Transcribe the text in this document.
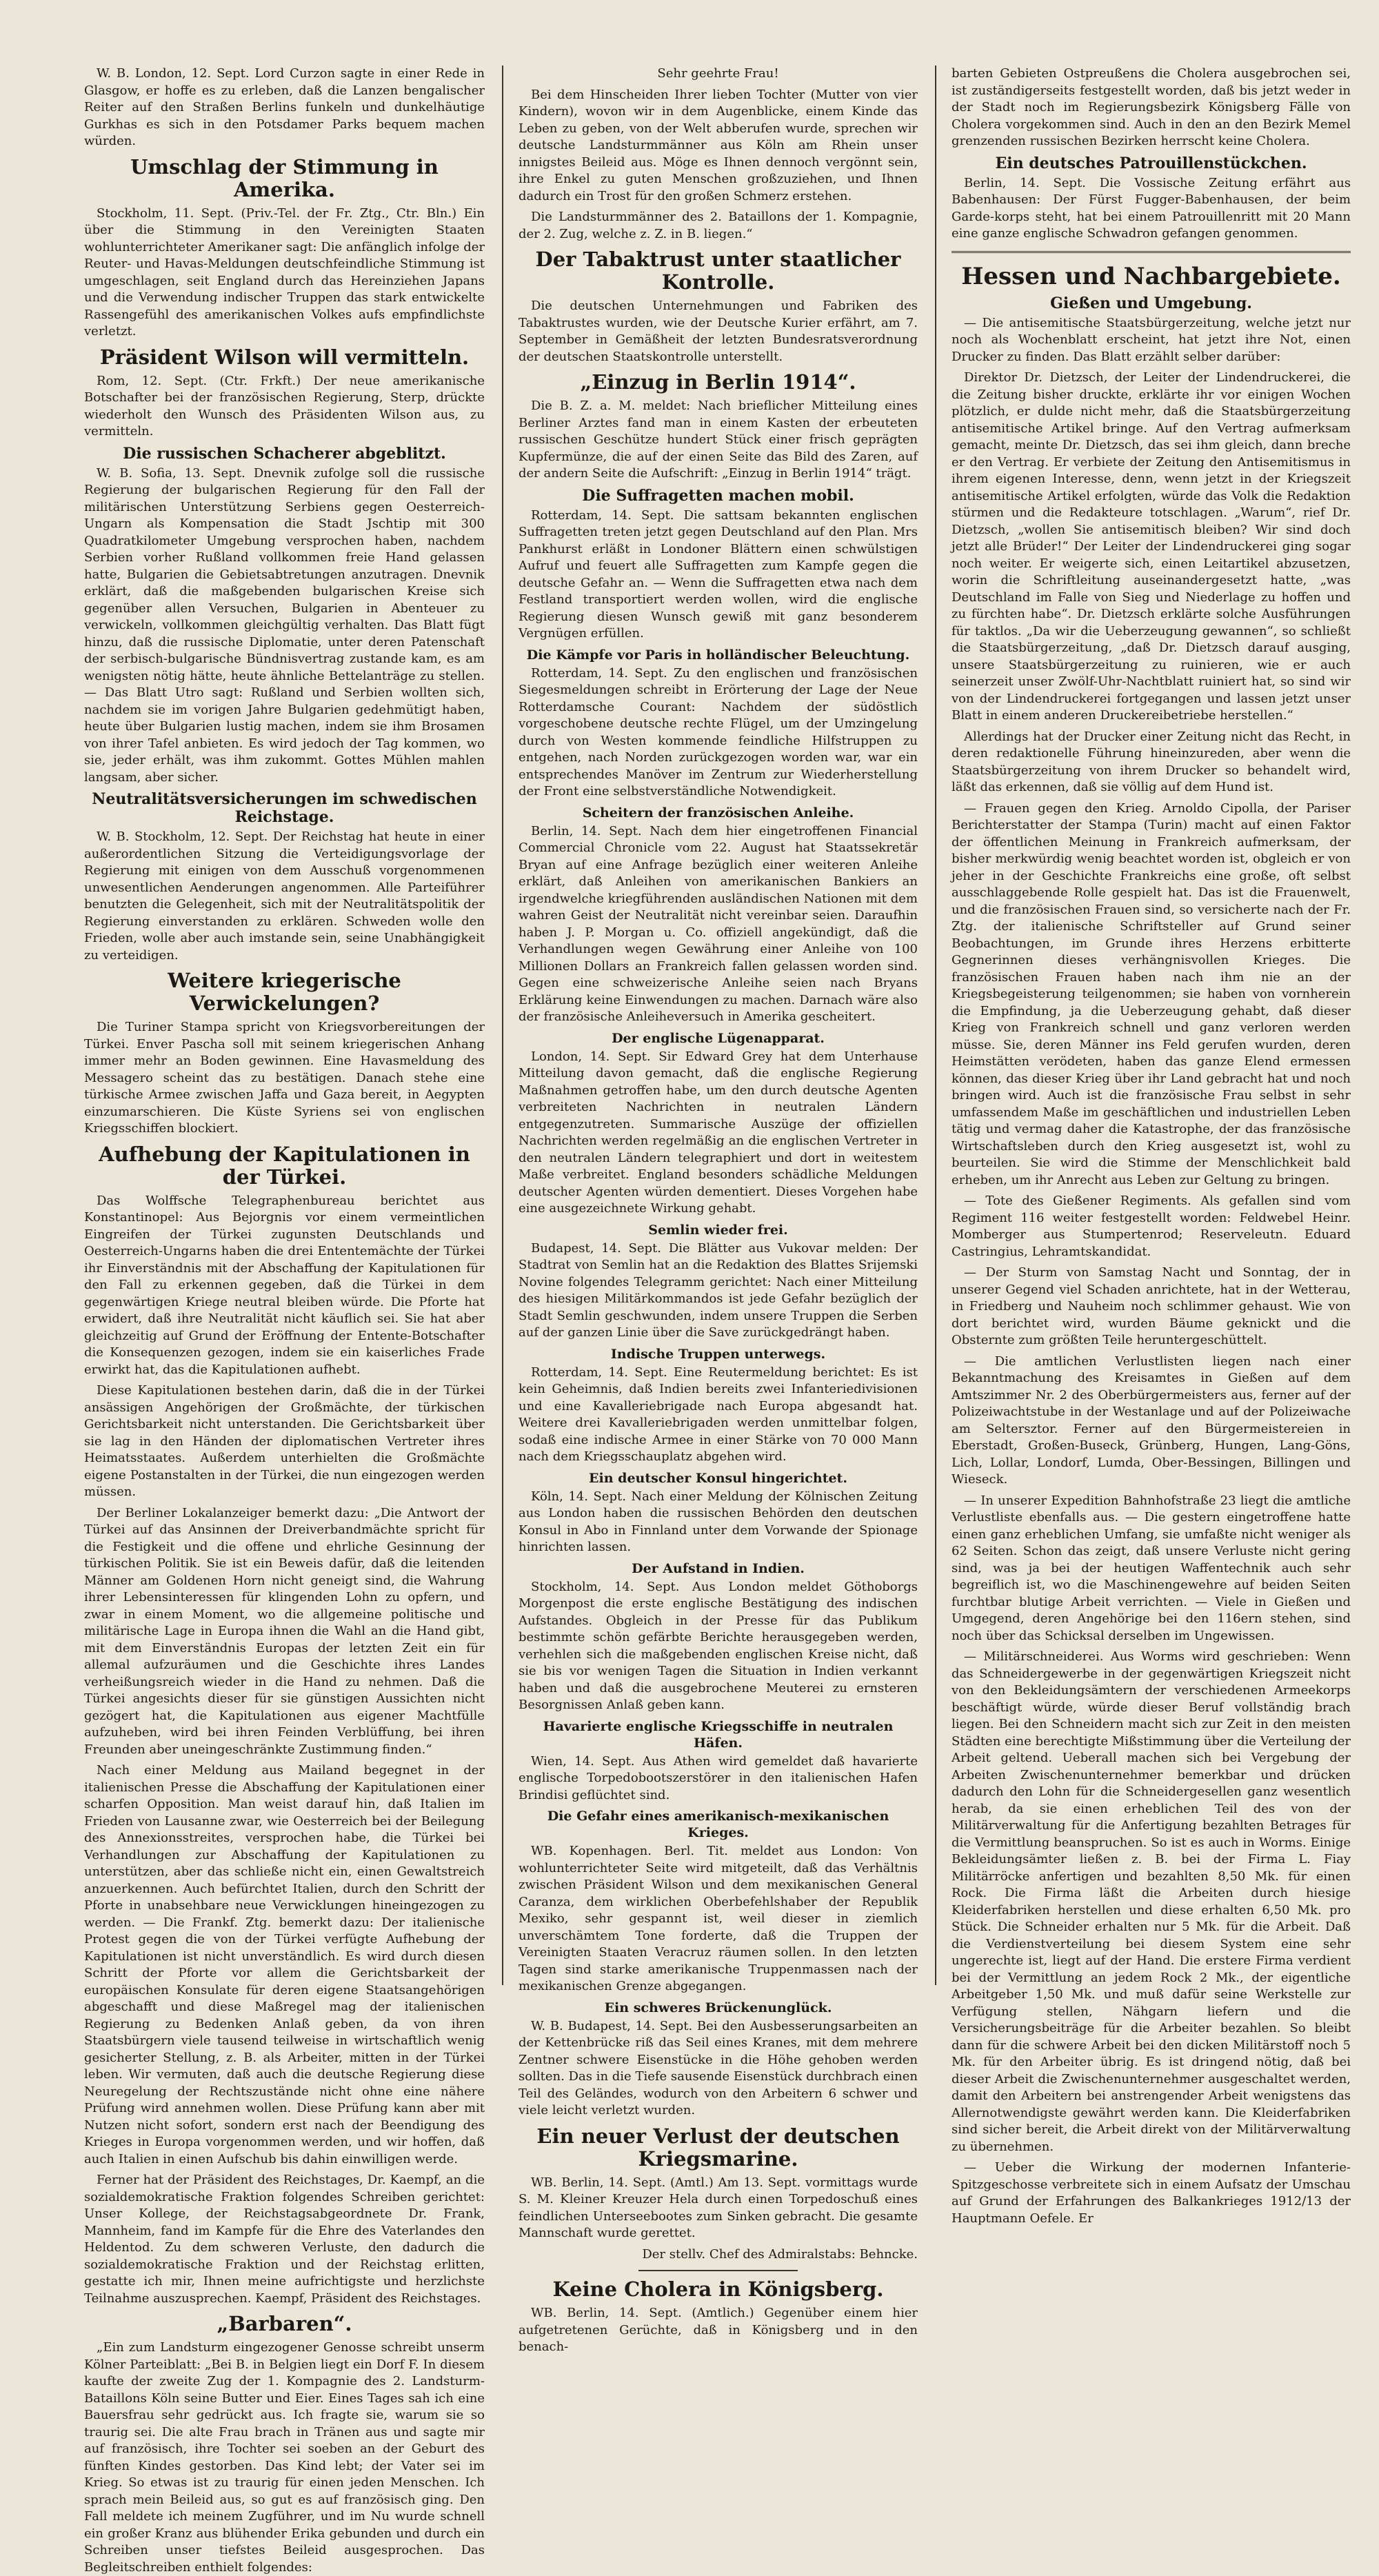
W. B. London, 12. Sept. Lord Curzon sagte in einer Rede in Glasgow, er hoffe es zu erleben, daß die Lanzen bengalischer Reiter auf den Straßen Berlins funkeln und dunkelhäutige Gurkhas es sich in den Potsdamer Parks bequem machen würden.

Umschlag der Stimmung in Amerika.

Stockholm, 11. Sept. (Priv.-Tel. der Fr. Ztg., Ctr. Bln.) Ein über die Stimmung in den Vereinigten Staaten wohlunterrichteter Amerikaner sagt: Die anfänglich infolge der Reuter- und Havas-Meldungen deutschfeindliche Stimmung ist umgeschlagen, seit England durch das Hereinziehen Japans und die Verwendung indischer Truppen das stark entwickelte Rassengefühl des amerikanischen Volkes aufs empfindlichste verletzt.

Präsident Wilson will vermitteln.

Rom, 12. Sept. (Ctr. Frkft.) Der neue amerikanische Botschafter bei der französischen Regierung, Sterp, drückte wiederholt den Wunsch des Präsidenten Wilson aus, zu vermitteln.

Die russischen Schacherer abgeblitzt.

W. B. Sofia, 13. Sept. Dnevnik zufolge soll die russische Regierung der bulgarischen Regierung für den Fall der militärischen Unterstützung Serbiens gegen Oesterreich-Ungarn als Kompensation die Stadt Jschtip mit 300 Quadratkilometer Umgebung versprochen haben, nachdem Serbien vorher Rußland vollkommen freie Hand gelassen hatte, Bulgarien die Gebietsabtretungen anzutragen. Dnevnik erklärt, daß die maßgebenden bulgarischen Kreise sich gegenüber allen Versuchen, Bulgarien in Abenteuer zu verwickeln, vollkommen gleichgültig verhalten. Das Blatt fügt hinzu, daß die russische Diplomatie, unter deren Patenschaft der serbisch-bulgarische Bündnisvertrag zustande kam, es am wenigsten nötig hätte, heute ähnliche Bettelanträge zu stellen. — Das Blatt Utro sagt: Rußland und Serbien wollten sich, nachdem sie im vorigen Jahre Bulgarien gedehmütigt haben, heute über Bulgarien lustig machen, indem sie ihm Brosamen von ihrer Tafel anbieten. Es wird jedoch der Tag kommen, wo sie, jeder erhält, was ihm zukommt. Gottes Mühlen mahlen langsam, aber sicher.

Neutralitätsversicherungen im schwedischen Reichstage.

W. B. Stockholm, 12. Sept. Der Reichstag hat heute in einer außerordentlichen Sitzung die Verteidigungsvorlage der Regierung mit einigen von dem Ausschuß vorgenommenen unwesentlichen Aenderungen angenommen. Alle Parteiführer benutzten die Gelegenheit, sich mit der Neutralitätspolitik der Regierung einverstanden zu erklären. Schweden wolle den Frieden, wolle aber auch imstande sein, seine Unabhängigkeit zu verteidigen.

Weitere kriegerische Verwickelungen?

Die Turiner Stampa spricht von Kriegsvorbereitungen der Türkei. Enver Pascha soll mit seinem kriegerischen Anhang immer mehr an Boden gewinnen. Eine Havasmeldung des Messagero scheint das zu bestätigen. Danach stehe eine türkische Armee zwischen Jaffa und Gaza bereit, in Aegypten einzumarschieren. Die Küste Syriens sei von englischen Kriegsschiffen blockiert.

Aufhebung der Kapitulationen in der Türkei.

Das Wolffsche Telegraphenbureau berichtet aus Konstantinopel: Aus Bejorgnis vor einem vermeintlichen Eingreifen der Türkei zugunsten Deutschlands und Oesterreich-Ungarns haben die drei Ententemächte der Türkei ihr Einverständnis mit der Abschaffung der Kapitulationen für den Fall zu erkennen gegeben, daß die Türkei in dem gegenwärtigen Kriege neutral bleiben würde. Die Pforte hat erwidert, daß ihre Neutralität nicht käuflich sei. Sie hat aber gleichzeitig auf Grund der Eröffnung der Entente-Botschafter die Konsequenzen gezogen, indem sie ein kaiserliches Frade erwirkt hat, das die Kapitulationen aufhebt.

Diese Kapitulationen bestehen darin, daß die in der Türkei ansässigen Angehörigen der Großmächte, der türkischen Gerichtsbarkeit nicht unterstanden. Die Gerichtsbarkeit über sie lag in den Händen der diplomatischen Vertreter ihres Heimatsstaates. Außerdem unterhielten die Großmächte eigene Postanstalten in der Türkei, die nun eingezogen werden müssen.

Der Berliner Lokalanzeiger bemerkt dazu: „Die Antwort der Türkei auf das Ansinnen der Dreiverbandmächte spricht für die Festigkeit und die offene und ehrliche Gesinnung der türkischen Politik. Sie ist ein Beweis dafür, daß die leitenden Männer am Goldenen Horn nicht geneigt sind, die Wahrung ihrer Lebensinteressen für klingenden Lohn zu opfern, und zwar in einem Moment, wo die allgemeine politische und militärische Lage in Europa ihnen die Wahl an die Hand gibt, mit dem Einverständnis Europas der letzten Zeit ein für allemal aufzuräumen und die Geschichte ihres Landes verheißungsreich wieder in die Hand zu nehmen. Daß die Türkei angesichts dieser für sie günstigen Aussichten nicht gezögert hat, die Kapitulationen aus eigener Machtfülle aufzuheben, wird bei ihren Feinden Verblüffung, bei ihren Freunden aber uneingeschränkte Zustimmung finden.“

Nach einer Meldung aus Mailand begegnet in der italienischen Presse die Abschaffung der Kapitulationen einer scharfen Opposition. Man weist darauf hin, daß Italien im Frieden von Lausanne zwar, wie Oesterreich bei der Beilegung des Annexionsstreites, versprochen habe, die Türkei bei Verhandlungen zur Abschaffung der Kapitulationen zu unterstützen, aber das schließe nicht ein, einen Gewaltstreich anzuerkennen. Auch befürchtet Italien, durch den Schritt der Pforte in unabsehbare neue Verwicklungen hineingezogen zu werden. — Die Frankf. Ztg. bemerkt dazu: Der italienische Protest gegen die von der Türkei verfügte Aufhebung der Kapitulationen ist nicht unverständlich. Es wird durch diesen Schritt der Pforte vor allem die Gerichtsbarkeit der europäischen Konsulate für deren eigene Staatsangehörigen abgeschafft und diese Maßregel mag der italienischen Regierung zu Bedenken Anlaß geben, da von ihren Staatsbürgern viele tausend teilweise in wirtschaftlich wenig gesicherter Stellung, z. B. als Arbeiter, mitten in der Türkei leben. Wir vermuten, daß auch die deutsche Regierung diese Neuregelung der Rechtszustände nicht ohne eine nähere Prüfung wird annehmen wollen. Diese Prüfung kann aber mit Nutzen nicht sofort, sondern erst nach der Beendigung des Krieges in Europa vorgenommen werden, und wir hoffen, daß auch Italien in einen Aufschub bis dahin einwilligen werde.

Ferner hat der Präsident des Reichstages, Dr. Kaempf, an die sozialdemokratische Fraktion folgendes Schreiben gerichtet: Unser Kollege, der Reichstagsabgeordnete Dr. Frank, Mannheim, fand im Kampfe für die Ehre des Vaterlandes den Heldentod. Zu dem schweren Verluste, den dadurch die sozialdemokratische Fraktion und der Reichstag erlitten, gestatte ich mir, Ihnen meine aufrichtigste und herzlichste Teilnahme auszusprechen. Kaempf, Präsident des Reichstages.

„Barbaren“.

„Ein zum Landsturm eingezogener Genosse schreibt unserm Kölner Parteiblatt: „Bei B. in Belgien liegt ein Dorf F. In diesem kaufte der zweite Zug der 1. Kompagnie des 2. Landsturm-Bataillons Köln seine Butter und Eier. Eines Tages sah ich eine Bauersfrau sehr gedrückt aus. Ich fragte sie, warum sie so traurig sei. Die alte Frau brach in Tränen aus und sagte mir auf französisch, ihre Tochter sei soeben an der Geburt des fünften Kindes gestorben. Das Kind lebt; der Vater sei im Krieg. So etwas ist zu traurig für einen jeden Menschen. Ich sprach mein Beileid aus, so gut es auf französisch ging. Den Fall meldete ich meinem Zugführer, und im Nu wurde schnell ein großer Kranz aus blühender Erika gebunden und durch ein Schreiben unser tiefstes Beileid ausgesprochen. Das Begleitschreiben enthielt folgendes:

Sehr geehrte Frau!

Bei dem Hinscheiden Ihrer lieben Tochter (Mutter von vier Kindern), wovon wir in dem Augenblicke, einem Kinde das Leben zu geben, von der Welt abberufen wurde, sprechen wir deutsche Landsturmmänner aus Köln am Rhein unser innigstes Beileid aus. Möge es Ihnen dennoch vergönnt sein, ihre Enkel zu guten Menschen großzuziehen, und Ihnen dadurch ein Trost für den großen Schmerz erstehen.

Die Landsturmmänner des 2. Bataillons der 1. Kompagnie, der 2. Zug, welche z. Z. in B. liegen.“

Der Tabaktrust unter staatlicher Kontrolle.

Die deutschen Unternehmungen und Fabriken des Tabaktrustes wurden, wie der Deutsche Kurier erfährt, am 7. September in Gemäßheit der letzten Bundesratsverordnung der deutschen Staatskontrolle unterstellt.

„Einzug in Berlin 1914“.

Die B. Z. a. M. meldet: Nach brieflicher Mitteilung eines Berliner Arztes fand man in einem Kasten der erbeuteten russischen Geschütze hundert Stück einer frisch geprägten Kupfermünze, die auf der einen Seite das Bild des Zaren, auf der andern Seite die Aufschrift: „Einzug in Berlin 1914“ trägt.

Die Suffragetten machen mobil.

Rotterdam, 14. Sept. Die sattsam bekannten englischen Suffragetten treten jetzt gegen Deutschland auf den Plan. Mrs Pankhurst erläßt in Londoner Blättern einen schwülstigen Aufruf und feuert alle Suffragetten zum Kampfe gegen die deutsche Gefahr an. — Wenn die Suffragetten etwa nach dem Festland transportiert werden wollen, wird die englische Regierung diesen Wunsch gewiß mit ganz besonderem Vergnügen erfüllen.

Die Kämpfe vor Paris in holländischer Beleuchtung.

Rotterdam, 14. Sept. Zu den englischen und französischen Siegesmeldungen schreibt in Erörterung der Lage der Neue Rotterdamsche Courant: Nachdem der südöstlich vorgeschobene deutsche rechte Flügel, um der Umzingelung durch von Westen kommende feindliche Hilfstruppen zu entgehen, nach Norden zurückgezogen worden war, war ein entsprechendes Manöver im Zentrum zur Wiederherstellung der Front eine selbstverständliche Notwendigkeit.

Scheitern der französischen Anleihe.

Berlin, 14. Sept. Nach dem hier eingetroffenen Financial Commercial Chronicle vom 22. August hat Staatssekretär Bryan auf eine Anfrage bezüglich einer weiteren Anleihe erklärt, daß Anleihen von amerikanischen Bankiers an irgendwelche kriegführenden ausländischen Nationen mit dem wahren Geist der Neutralität nicht vereinbar seien. Daraufhin haben J. P. Morgan u. Co. offiziell angekündigt, daß die Verhandlungen wegen Gewährung einer Anleihe von 100 Millionen Dollars an Frankreich fallen gelassen worden sind. Gegen eine schweizerische Anleihe seien nach Bryans Erklärung keine Einwendungen zu machen. Darnach wäre also der französische Anleiheversuch in Amerika gescheitert.

Der englische Lügenapparat.

London, 14. Sept. Sir Edward Grey hat dem Unterhause Mitteilung davon gemacht, daß die englische Regierung Maßnahmen getroffen habe, um den durch deutsche Agenten verbreiteten Nachrichten in neutralen Ländern entgegenzutreten. Summarische Auszüge der offiziellen Nachrichten werden regelmäßig an die englischen Vertreter in den neutralen Ländern telegraphiert und dort in weitestem Maße verbreitet. England besonders schädliche Meldungen deutscher Agenten würden dementiert. Dieses Vorgehen habe eine ausgezeichnete Wirkung gehabt.

Semlin wieder frei.

Budapest, 14. Sept. Die Blätter aus Vukovar melden: Der Stadtrat von Semlin hat an die Redaktion des Blattes Srijemski Novine folgendes Telegramm gerichtet: Nach einer Mitteilung des hiesigen Militärkommandos ist jede Gefahr bezüglich der Stadt Semlin geschwunden, indem unsere Truppen die Serben auf der ganzen Linie über die Save zurückgedrängt haben.

Indische Truppen unterwegs.

Rotterdam, 14. Sept. Eine Reutermeldung berichtet: Es ist kein Geheimnis, daß Indien bereits zwei Infanteriedivisionen und eine Kavalleriebrigade nach Europa abgesandt hat. Weitere drei Kavalleriebrigaden werden unmittelbar folgen, sodaß eine indische Armee in einer Stärke von 70 000 Mann nach dem Kriegsschauplatz abgehen wird.

Ein deutscher Konsul hingerichtet.

Köln, 14. Sept. Nach einer Meldung der Kölnischen Zeitung aus London haben die russischen Behörden den deutschen Konsul in Abo in Finnland unter dem Vorwande der Spionage hinrichten lassen.

Der Aufstand in Indien.

Stockholm, 14. Sept. Aus London meldet Göthoborgs Morgenpost die erste englische Bestätigung des indischen Aufstandes. Obgleich in der Presse für das Publikum bestimmte schön gefärbte Berichte herausgegeben werden, verhehlen sich die maßgebenden englischen Kreise nicht, daß sie bis vor wenigen Tagen die Situation in Indien verkannt haben und daß die ausgebrochene Meuterei zu ernsteren Besorgnissen Anlaß geben kann.

Havarierte englische Kriegsschiffe in neutralen Häfen.

Wien, 14. Sept. Aus Athen wird gemeldet daß havarierte englische Torpedobootszerstörer in den italienischen Hafen Brindisi geflüchtet sind.

Die Gefahr eines amerikanisch-mexikanischen Krieges.

WB. Kopenhagen. Berl. Tit. meldet aus London: Von wohlunterrichteter Seite wird mitgeteilt, daß das Verhältnis zwischen Präsident Wilson und dem mexikanischen General Caranza, dem wirklichen Oberbefehlshaber der Republik Mexiko, sehr gespannt ist, weil dieser in ziemlich unverschämtem Tone forderte, daß die Truppen der Vereinigten Staaten Veracruz räumen sollen. In den letzten Tagen sind starke amerikanische Truppenmassen nach der mexikanischen Grenze abgegangen.

Ein schweres Brückenunglück.

W. B. Budapest, 14. Sept. Bei den Ausbesserungsarbeiten an der Kettenbrücke riß das Seil eines Kranes, mit dem mehrere Zentner schwere Eisenstücke in die Höhe gehoben werden sollten. Das in die Tiefe sausende Eisenstück durchbrach einen Teil des Geländes, wodurch von den Arbeitern 6 schwer und viele leicht verletzt wurden.

Ein neuer Verlust der deutschen Kriegsmarine.

WB. Berlin, 14. Sept. (Amtl.) Am 13. Sept. vormittags wurde S. M. Kleiner Kreuzer Hela durch einen Torpedoschuß eines feindlichen Unterseebootes zum Sinken gebracht. Die gesamte Mannschaft wurde gerettet.

Der stellv. Chef des Admiralstabs: Behncke.

Keine Cholera in Königsberg.

WB. Berlin, 14. Sept. (Amtlich.) Gegenüber einem hier aufgetretenen Gerüchte, daß in Königsberg und in den benach-

barten Gebieten Ostpreußens die Cholera ausgebrochen sei, ist zuständigerseits festgestellt worden, daß bis jetzt weder in der Stadt noch im Regierungsbezirk Königsberg Fälle von Cholera vorgekommen sind. Auch in den an den Bezirk Memel grenzenden russischen Bezirken herrscht keine Cholera.

Ein deutsches Patrouillenstückchen.

Berlin, 14. Sept. Die Vossische Zeitung erfährt aus Babenhausen: Der Fürst Fugger-Babenhausen, der beim Garde-korps steht, hat bei einem Patrouillenritt mit 20 Mann eine ganze englische Schwadron gefangen genommen.

Hessen und Nachbargebiete.
Gießen und Umgebung.

— Die antisemitische Staatsbürgerzeitung, welche jetzt nur noch als Wochenblatt erscheint, hat jetzt ihre Not, einen Drucker zu finden. Das Blatt erzählt selber darüber:

Direktor Dr. Dietzsch, der Leiter der Lindendruckerei, die die Zeitung bisher druckte, erklärte ihr vor einigen Wochen plötzlich, er dulde nicht mehr, daß die Staatsbürgerzeitung antisemitische Artikel bringe. Auf den Vertrag aufmerksam gemacht, meinte Dr. Dietzsch, das sei ihm gleich, dann breche er den Vertrag. Er verbiete der Zeitung den Antisemitismus in ihrem eigenen Interesse, denn, wenn jetzt in der Kriegszeit antisemitische Artikel erfolgten, würde das Volk die Redaktion stürmen und die Redakteure totschlagen. „Warum“, rief Dr. Dietzsch, „wollen Sie antisemitisch bleiben? Wir sind doch jetzt alle Brüder!“ Der Leiter der Lindendruckerei ging sogar noch weiter. Er weigerte sich, einen Leitartikel abzusetzen, worin die Schriftleitung auseinandergesetzt hatte, „was Deutschland im Falle von Sieg und Niederlage zu hoffen und zu fürchten habe“. Dr. Dietzsch erklärte solche Ausführungen für taktlos. „Da wir die Ueberzeugung gewannen“, so schließt die Staatsbürgerzeitung, „daß Dr. Dietzsch darauf ausging, unsere Staatsbürgerzeitung zu ruinieren, wie er auch seinerzeit unser Zwölf-Uhr-Nachtblatt ruiniert hat, so sind wir von der Lindendruckerei fortgegangen und lassen jetzt unser Blatt in einem anderen Druckereibetriebe herstellen.“

Allerdings hat der Drucker einer Zeitung nicht das Recht, in deren redaktionelle Führung hineinzureden, aber wenn die Staatsbürgerzeitung von ihrem Drucker so behandelt wird, läßt das erkennen, daß sie völlig auf dem Hund ist.

— Frauen gegen den Krieg. Arnoldo Cipolla, der Pariser Berichterstatter der Stampa (Turin) macht auf einen Faktor der öffentlichen Meinung in Frankreich aufmerksam, der bisher merkwürdig wenig beachtet worden ist, obgleich er von jeher in der Geschichte Frankreichs eine große, oft selbst ausschlaggebende Rolle gespielt hat. Das ist die Frauenwelt, und die französischen Frauen sind, so versicherte nach der Fr. Ztg. der italienische Schriftsteller auf Grund seiner Beobachtungen, im Grunde ihres Herzens erbitterte Gegnerinnen dieses verhängnisvollen Krieges. Die französischen Frauen haben nach ihm nie an der Kriegsbegeisterung teilgenommen; sie haben von vornherein die Empfindung, ja die Ueberzeugung gehabt, daß dieser Krieg von Frankreich schnell und ganz verloren werden müsse. Sie, deren Männer ins Feld gerufen wurden, deren Heimstätten verödeten, haben das ganze Elend ermessen können, das dieser Krieg über ihr Land gebracht hat und noch bringen wird. Auch ist die französische Frau selbst in sehr umfassendem Maße im geschäftlichen und industriellen Leben tätig und vermag daher die Katastrophe, der das französische Wirtschaftsleben durch den Krieg ausgesetzt ist, wohl zu beurteilen. Sie wird die Stimme der Menschlichkeit bald erheben, um ihr Anrecht aus Leben zur Geltung zu bringen.

— Tote des Gießener Regiments. Als gefallen sind vom Regiment 116 weiter festgestellt worden: Feldwebel Heinr. Momberger aus Stumpertenrod; Reserveleutn. Eduard Castringius, Lehramtskandidat.

— Der Sturm von Samstag Nacht und Sonntag, der in unserer Gegend viel Schaden anrichtete, hat in der Wetterau, in Friedberg und Nauheim noch schlimmer gehaust. Wie von dort berichtet wird, wurden Bäume geknickt und die Obsternte zum größten Teile heruntergeschüttelt.

— Die amtlichen Verlustlisten liegen nach einer Bekanntmachung des Kreisamtes in Gießen auf dem Amtszimmer Nr. 2 des Oberbürgermeisters aus, ferner auf der Polizeiwachtstube in der Westanlage und auf der Polizeiwache am Seltersztor. Ferner auf den Bürgermeistereien in Eberstadt, Großen-Buseck, Grünberg, Hungen, Lang-Göns, Lich, Lollar, Londorf, Lumda, Ober-Bessingen, Billingen und Wieseck.

— In unserer Expedition Bahnhofstraße 23 liegt die amtliche Verlustliste ebenfalls aus. — Die gestern eingetroffene hatte einen ganz erheblichen Umfang, sie umfaßte nicht weniger als 62 Seiten. Schon das zeigt, daß unsere Verluste nicht gering sind, was ja bei der heutigen Waffentechnik auch sehr begreiflich ist, wo die Maschinengewehre auf beiden Seiten furchtbar blutige Arbeit verrichten. — Viele in Gießen und Umgegend, deren Angehörige bei den 116ern stehen, sind noch über das Schicksal derselben im Ungewissen.

— Militärschneiderei. Aus Worms wird geschrieben: Wenn das Schneidergewerbe in der gegenwärtigen Kriegszeit nicht von den Bekleidungsämtern der verschiedenen Armeekorps beschäftigt würde, würde dieser Beruf vollständig brach liegen. Bei den Schneidern macht sich zur Zeit in den meisten Städten eine berechtigte Mißstimmung über die Verteilung der Arbeit geltend. Ueberall machen sich bei Vergebung der Arbeiten Zwischenunternehmer bemerkbar und drücken dadurch den Lohn für die Schneidergesellen ganz wesentlich herab, da sie einen erheblichen Teil des von der Militärverwaltung für die Anfertigung bezahlten Betrages für die Vermittlung beanspruchen. So ist es auch in Worms. Einige Bekleidungsämter ließen z. B. bei der Firma L. Fiay Militärröcke anfertigen und bezahlten 8,50 Mk. für einen Rock. Die Firma läßt die Arbeiten durch hiesige Kleiderfabriken herstellen und diese erhalten 6,50 Mk. pro Stück. Die Schneider erhalten nur 5 Mk. für die Arbeit. Daß die Verdienstverteilung bei diesem System eine sehr ungerechte ist, liegt auf der Hand. Die erstere Firma verdient bei der Vermittlung an jedem Rock 2 Mk., der eigentliche Arbeitgeber 1,50 Mk. und muß dafür seine Werkstelle zur Verfügung stellen, Nähgarn liefern und die Versicherungsbeiträge für die Arbeiter bezahlen. So bleibt dann für die schwere Arbeit bei den dicken Militärstoff noch 5 Mk. für den Arbeiter übrig. Es ist dringend nötig, daß bei dieser Arbeit die Zwischenunternehmer ausgeschaltet werden, damit den Arbeitern bei anstrengender Arbeit wenigstens das Allernotwendigste gewährt werden kann. Die Kleiderfabriken sind sicher bereit, die Arbeit direkt von der Militärverwaltung zu übernehmen.

— Ueber die Wirkung der modernen Infanterie-Spitzgeschosse verbreitete sich in einem Aufsatz der Umschau auf Grund der Erfahrungen des Balkankrieges 1912/13 der Hauptmann Oefele. Er
